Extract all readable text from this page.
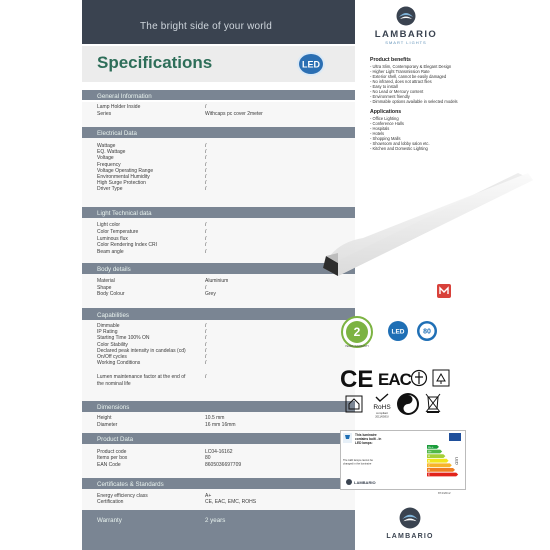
The bright side of your world
LAMBARIO
SMART LIGHTS
Specifications	LED
General Information
Lamp Holder Inside	/
Series	Withcaps pc cover 2meter
Electrical Data
Wattage	/
EQ. Wattage	/
Voltage	/
Frequency	/
Voltage Operating Range	/
Environmental Humidity	/
High Surge Protection	/
Driver Type	/
Light Technical data
Light color	/
Color Temperature	/
Luminous flux	/
Color Rendering Index CRI	/
Beam angle	/
Body details
Material	Aluminium
Shape	/
Body Colour	Grey
Capabilities
Dimmable	/
IP Rating	/
Starting Time 100% ON	/
Color Stability	/
Declared peak intensity in candelas (cd)	/
On/Off cycles	/
Working Conditions	/
Lumen maintenance factor at the end of	/
the nominal life
Dimensions
Height	10.5 mm
Diameter	16 mm 16mm
Product Data
Product code	LC04-16162
Items per box	80
EAN Code	8605036697709
Certificates & Standards
Energy efficiency class	A+
Certification	CE, EAC, EMC, ROHS
Warranty	2 years
Product benefits
- Ultra Slim, Contemporary & Elegant Design
- Higher Light Transmission Rate
- Exterior shell, cannot be easily damaged
- No infrared, does not attract flies
- Easy to install
- No Lead or Mercury content
- Environment friendly
- Dimmable options available in selected models
Applications
- Office Lighting
- Conference Halls
- Hospitals
- Hotels
- Shopping Malls
- Showroom and lobby salon etc.
- Kitchen and Domestic Lighting
2
YEARS WARRANTY
LED	80
CE EAC
RoHS
compliant
2011/65/EU
This luminaire
contains built - in
LED lamps:
The LED lamps cannot be
changed in the luminaire
A++
A+
A
B
C
D
E
LED
LAMBARIO
874/2012
LAMBARIO
